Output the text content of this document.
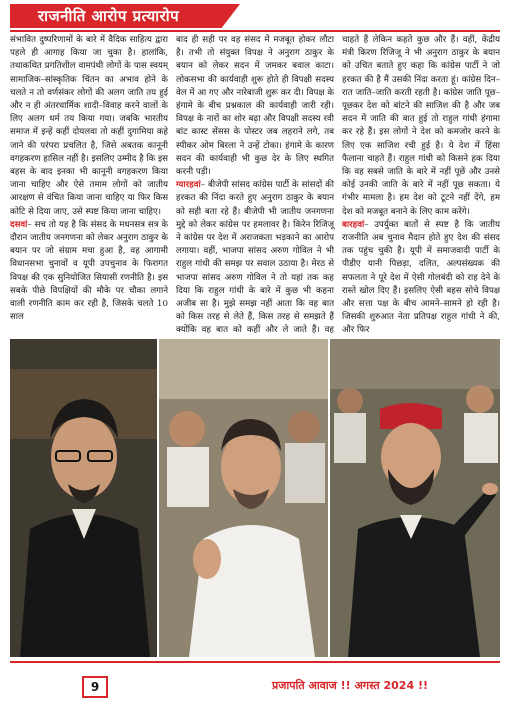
राजनीति आरोप प्रत्यारोप

संभावित दुष्परिणामों के बारे में वैदिक साहित्य द्वारा पहले ही आगाह किया जा चुका है। हालांकि, तथाकथित प्रगतिशील वामपंथी लोगों के पास स्वयम् सामाजिक–सांस्कृतिक चिंतन का अभाव होने के चलते न तो वर्णसंकर लोगों की अलग जाति तय हुई और न ही अंतरधार्मिक शादी–विवाह करने वालों के लिए अलग धर्म तय किया गया। जबकि भारतीय समाज में इन्हें कहीं दोयलवा तो कहीं दुगामिया कहे जाने की परंपरा प्रचलित है, जिसे अबतक कानूनी वगहकरण हासिल नहीं है। इसलिए उम्मीद है कि इस बहस के बाद इनका भी कानूनी वगहकरण किया जाना चाहिए और ऐसे तमाम लोगों को जातीय आरक्षण से वंचित किया जाना चाहिए या फिर किस कोटि से दिया जाए, उसे स्पष्ट किया जाना चाहिए।

दसवां– सच तो यह है कि संसद के मधनसत्र सत्र के दौरान जातीय जनगणना को लेकर अनुराग ठाकुर के बयान पर जो संग्राम मचा हुआ है, वह आगामी विधानसभा चुनावों व यूपी उपचुनाव के फिरागत विपक्ष की एक सुनियोजित सियासी रणनीति है। इस सबके पीछे विपक्षियों की मौके पर चौका लगाने वाली रणनीति काम कर रही है, जिसके चलते 10 साल

बाद ही सही पर वह संसद में मजबूत होकर लौटा है। तभी तो संयुक्त विपक्ष ने अनुराग ठाकुर के बयान को लेकर सदन में जमकर बवाल काटा। लोकसभा की कार्यवाही शुरू होते ही विपक्षी सदस्य वेल में आ गए और नारेबाजी शुरू कर दी। विपक्ष के हंगामे के बीच प्रश्नकाल की कार्यवाही जारी रही। विपक्ष के नारों का शोर बढ़ा और विपक्षी सदस्य रवी बांट कास्ट सेंसस के पोस्टर जब लहराने लगे, तब स्पीकर ओम बिरला ने उन्हें टोका। हंगामे के कारण सदन की कार्यवाही भी कुछ देर के लिए स्थगित करनी पड़ी।

ग्यारहवां– बीजेपी सांसद कांग्रेस पार्टी के सांसदों की हरकत की निंदा करते हुए अनुराग ठाकुर के बयान को सही बता रहे हैं। बीजेपी भी जातीय जनगणना मुद्दे को लेकर कांग्रेस पर हमलावर है। किरेन रिजिजू ने कांग्रेस पर देश में अराजकता भड़काने का आरोप लगाया। वहीं, भाजपा सांसद अरुण गोविल ने भी राहुल गांधी की समझ पर सवाल उठाया है। मेरठ से भाजपा सांसद अरुण गोविल ने तो यहां तक कह दिया कि राहुल गांधी के बारे में कुछ भी कहना अजीब सा है। मुझे समझ नहीं आता कि वह बात को किस तरह से लेते हैं, किस तरह से समझते हैं क्योंकि वह बात को कहीं और ले जाते हैं। वह

चाहते हैं लेकिन कहते कुछ और हैं। वहीं, केंद्रीय मंत्री किरण रिजिजू ने भी अनुराग ठाकुर के बयान को उचित बताते हुए कहा कि कांग्रेस पार्टी ने जो हरकत की है मैं उसकी निंदा करता हूं। कांग्रेस दिन–रात जाति–जाति करती रहती है। कांग्रेस जाति पूछ–पूछकर देश को बांटने की साजिश की है और जब सदन में जाति की बात हुई तो राहुल गांधी हंगामा कर रहे हैं। इस लोगों ने देश को कमजोर करने के लिए एक साजिश रची हुई है। ये देश में हिंसा फैलाना चाहते हैं। राहुल गांधी को किसने हक दिया कि वह सबसे जाति के बारे में नहीं पूछें और उनसे कोई उनकी जाति के बारे में नहीं पूछ सकता। ये गंभीर मामला है। हम देश को टूटने नहीं देंगे, हम देश को मजबूत बनाने के लिए काम करेंगे।

बारहवां– उपर्युक्त बातों से स्पष्ट है कि जातीय राजनीति अब चुनाव मैदान होते हुए देश की संसद तक पहुंच चुकी है। यूपी में समाजवादी पार्टी के पीडीए यानी पिछड़ा, दलित, अल्पसंख्यक की सफलता ने पूरे देश में ऐसी गोलबंदी को राह देने के रास्ते खोल दिए हैं। इसलिए ऐसी बहस सोचे विपक्ष और सत्ता पक्ष के बीच आमने–सामने हो रही है। जिसकी शुरुआत नेता प्रतिपक्ष राहुल गांधी ने की, और फिर

9	प्रजापति आवाज !! अगस्त 2024 !!
